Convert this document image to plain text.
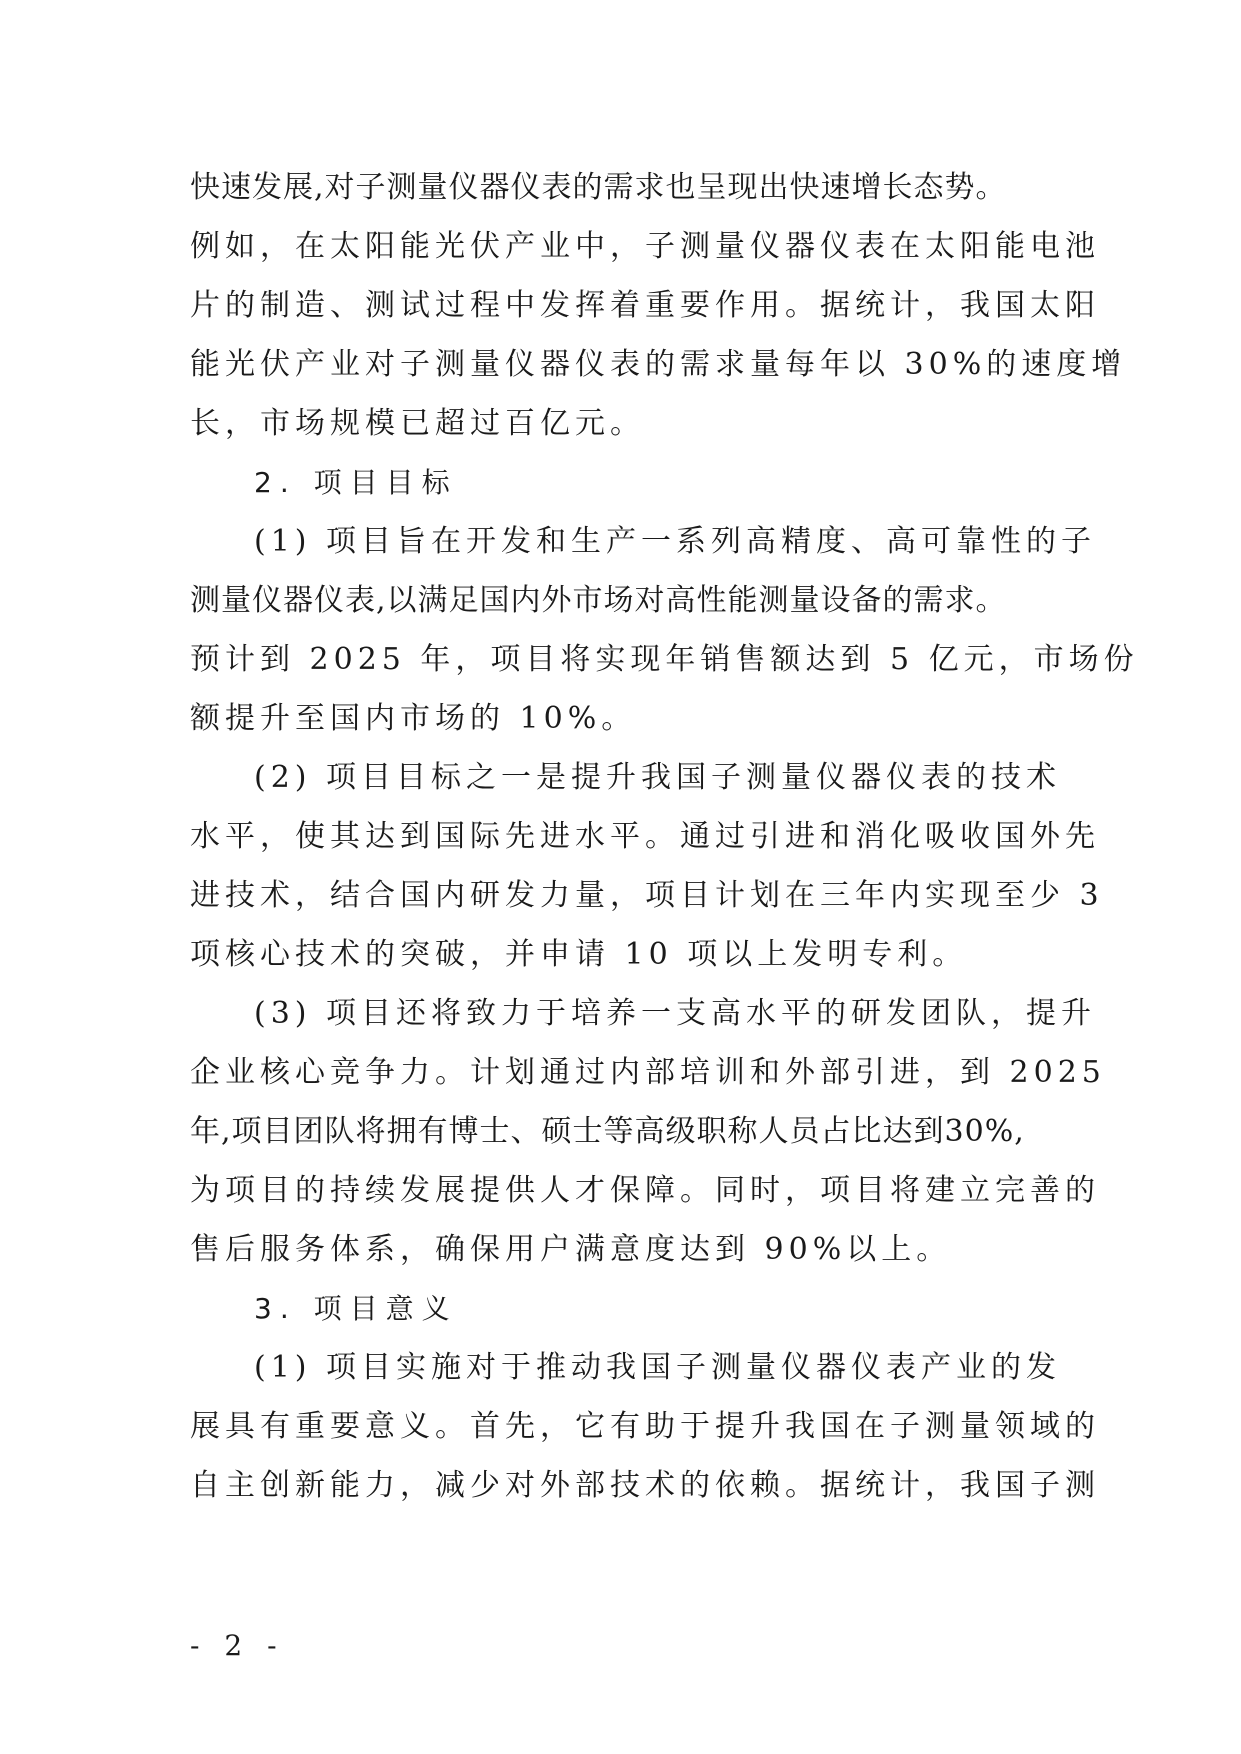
快速发展,对子测量仪器仪表的需求也呈现出快速增长态势。
例如，在太阳能光伏产业中，子测量仪器仪表在太阳能电池
片的制造、测试过程中发挥着重要作用。据统计，我国太阳
能光伏产业对子测量仪器仪表的需求量每年以 30%的速度增
长，市场规模已超过百亿元。
2. 项目目标
(1) 项目旨在开发和生产一系列高精度、高可靠性的子
测量仪器仪表,以满足国内外市场对高性能测量设备的需求。
预计到 2025 年，项目将实现年销售额达到 5 亿元，市场份
额提升至国内市场的 10%。
(2) 项目目标之一是提升我国子测量仪器仪表的技术
水平，使其达到国际先进水平。通过引进和消化吸收国外先
进技术，结合国内研发力量，项目计划在三年内实现至少 3
项核心技术的突破，并申请 10 项以上发明专利。
(3) 项目还将致力于培养一支高水平的研发团队，提升
企业核心竞争力。计划通过内部培训和外部引进，到 2025
年,项目团队将拥有博士、硕士等高级职称人员占比达到30%,
为项目的持续发展提供人才保障。同时，项目将建立完善的
售后服务体系，确保用户满意度达到 90%以上。
3. 项目意义
(1) 项目实施对于推动我国子测量仪器仪表产业的发
展具有重要意义。首先，它有助于提升我国在子测量领域的
自主创新能力，减少对外部技术的依赖。据统计，我国子测
- 2 -
